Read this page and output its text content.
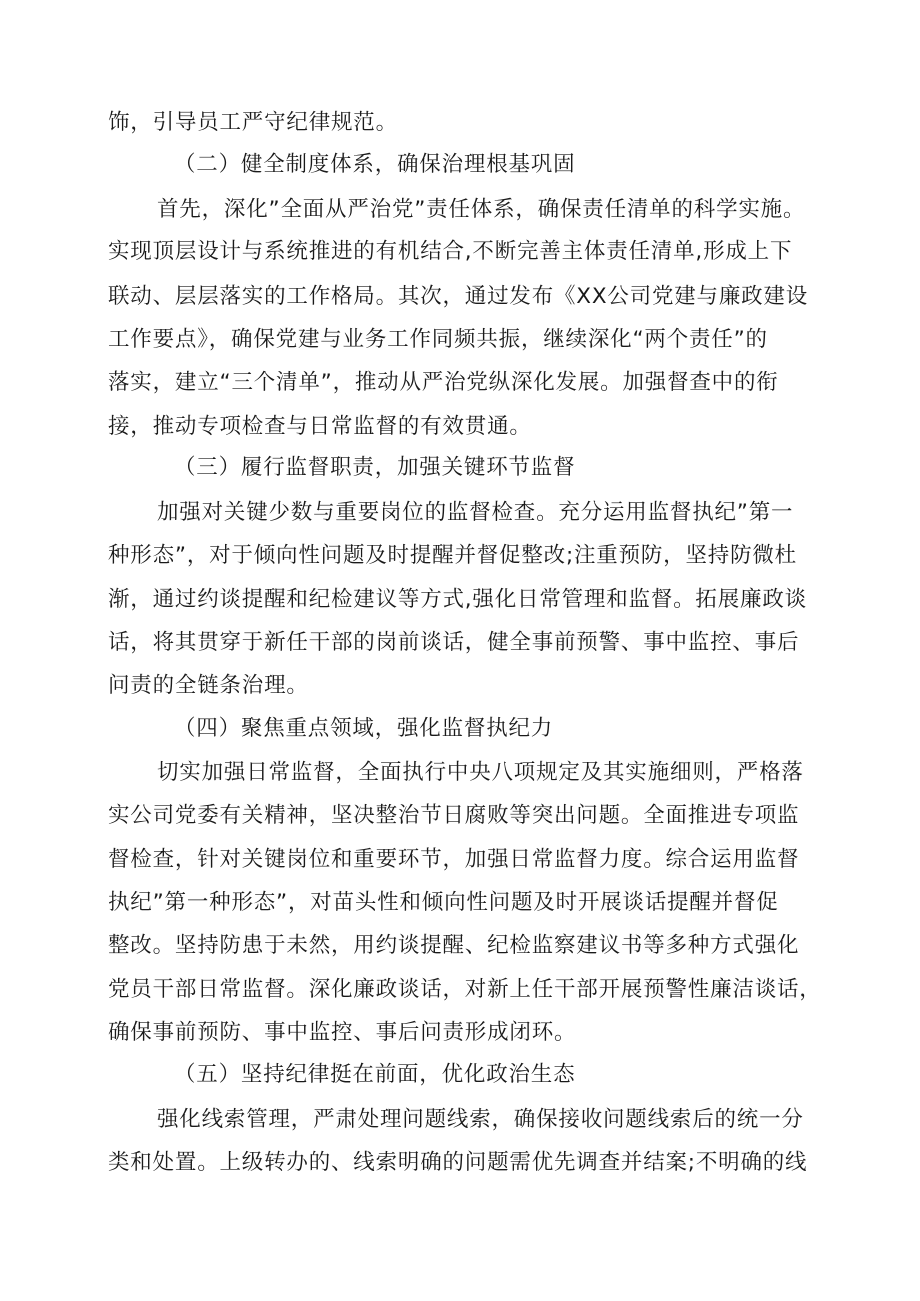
饰，引导员工严守纪律规范。
（二）健全制度体系，确保治理根基巩固
首先，深化”全面从严治党”责任体系，确保责任清单的科学实施。
实现顶层设计与系统推进的有机结合,不断完善主体责任清单,形成上下
联动、层层落实的工作格局。其次，通过发布《XX公司党建与廉政建设
工作要点》，确保党建与业务工作同频共振，继续深化“两个责任”的
落实，建立“三个清单”，推动从严治党纵深化发展。加强督查中的衔
接，推动专项检查与日常监督的有效贯通。
（三）履行监督职责，加强关键环节监督
加强对关键少数与重要岗位的监督检查。充分运用监督执纪”第一
种形态”，对于倾向性问题及时提醒并督促整改;注重预防，坚持防微杜
渐，通过约谈提醒和纪检建议等方式,强化日常管理和监督。拓展廉政谈
话，将其贯穿于新任干部的岗前谈话，健全事前预警、事中监控、事后
问责的全链条治理。
（四）聚焦重点领域，强化监督执纪力
切实加强日常监督，全面执行中央八项规定及其实施细则，严格落
实公司党委有关精神，坚决整治节日腐败等突出问题。全面推进专项监
督检查，针对关键岗位和重要环节，加强日常监督力度。综合运用监督
执纪”第一种形态”，对苗头性和倾向性问题及时开展谈话提醒并督促
整改。坚持防患于未然，用约谈提醒、纪检监察建议书等多种方式强化
党员干部日常监督。深化廉政谈话，对新上任干部开展预警性廉洁谈话，
确保事前预防、事中监控、事后问责形成闭环。
（五）坚持纪律挺在前面，优化政治生态
强化线索管理，严肃处理问题线索，确保接收问题线索后的统一分
类和处置。上级转办的、线索明确的问题需优先调查并结案;不明确的线
